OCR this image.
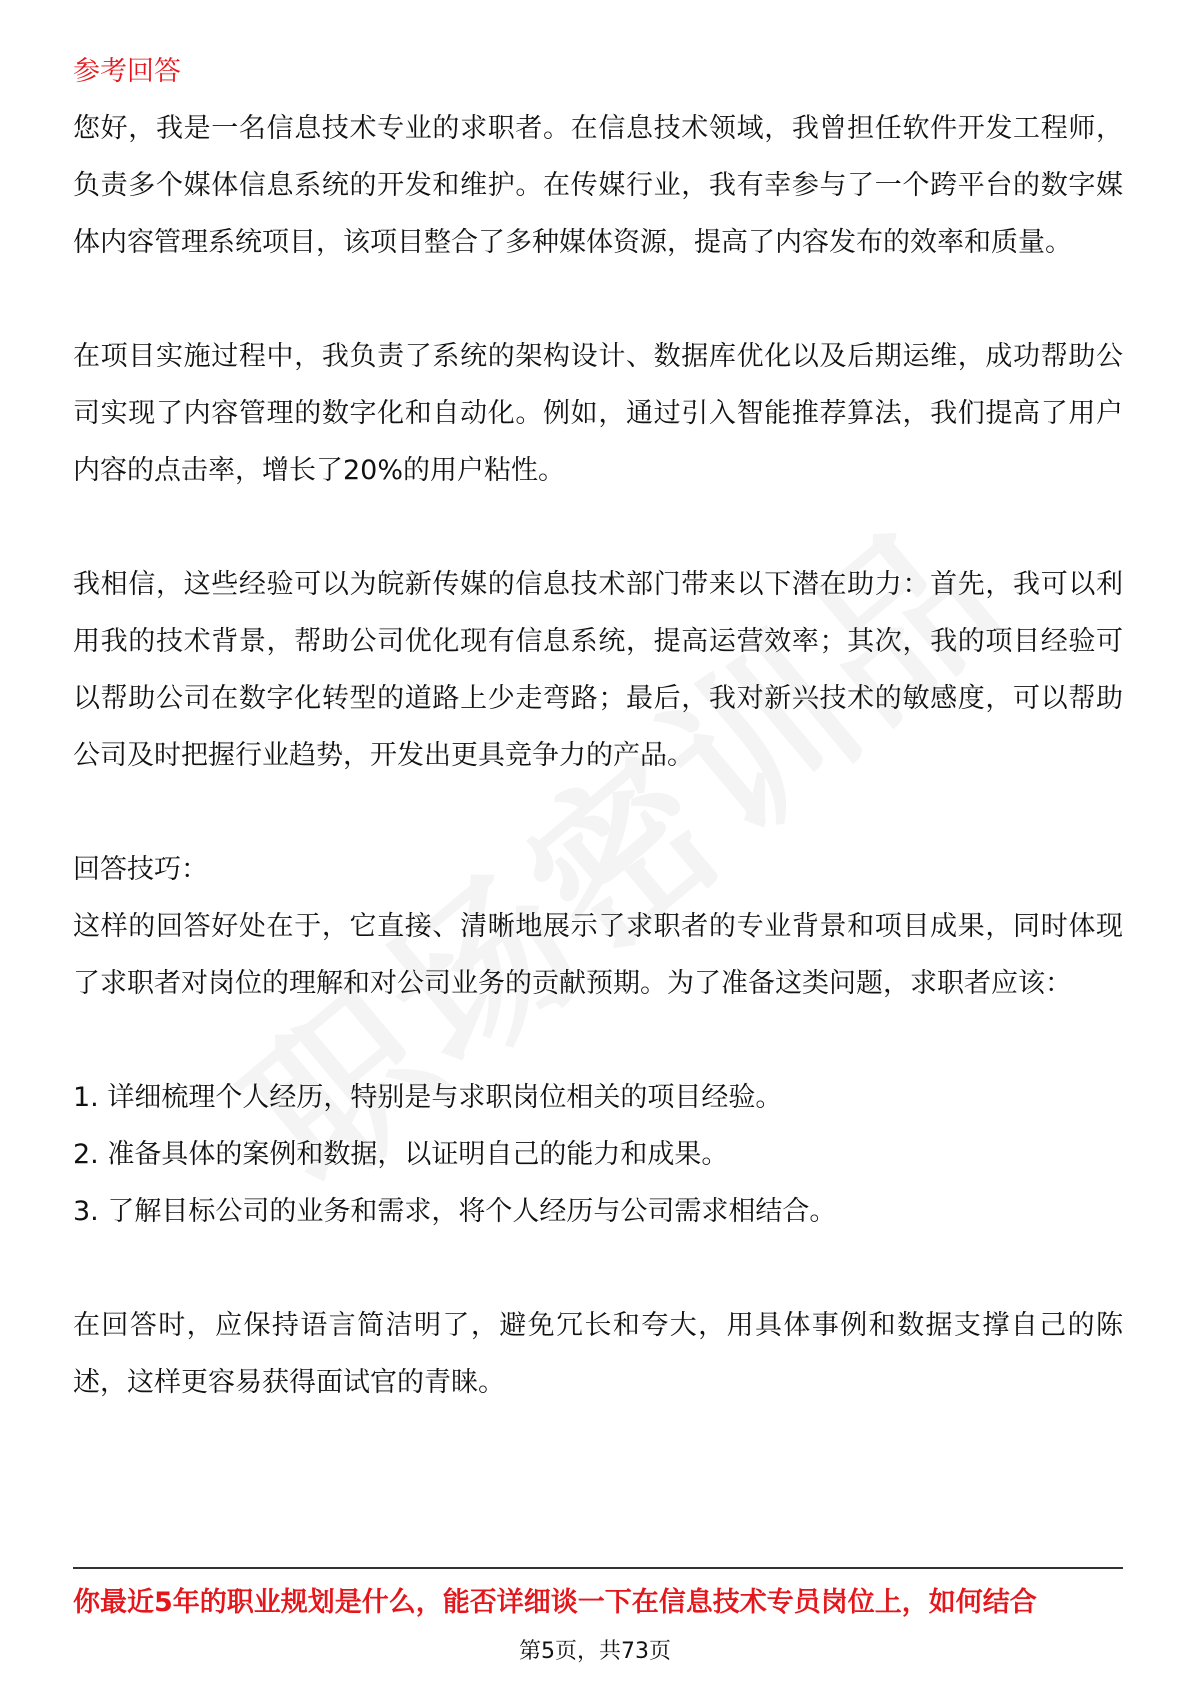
参考回答

您好，我是一名信息技术专业的求职者。在信息技术领域，我曾担任软件开发工程师，负责多个媒体信息系统的开发和维护。在传媒行业，我有幸参与了一个跨平台的数字媒体内容管理系统项目，该项目整合了多种媒体资源，提高了内容发布的效率和质量。

在项目实施过程中，我负责了系统的架构设计、数据库优化以及后期运维，成功帮助公司实现了内容管理的数字化和自动化。例如，通过引入智能推荐算法，我们提高了用户内容的点击率，增长了20%的用户粘性。

我相信，这些经验可以为皖新传媒的信息技术部门带来以下潜在助力：首先，我可以利用我的技术背景，帮助公司优化现有信息系统，提高运营效率；其次，我的项目经验可以帮助公司在数字化转型的道路上少走弯路；最后，我对新兴技术的敏感度，可以帮助公司及时把握行业趋势，开发出更具竞争力的产品。

回答技巧：

这样的回答好处在于，它直接、清晰地展示了求职者的专业背景和项目成果，同时体现了求职者对岗位的理解和对公司业务的贡献预期。为了准备这类问题，求职者应该：

1. 详细梳理个人经历，特别是与求职岗位相关的项目经验。

2. 准备具体的案例和数据，以证明自己的能力和成果。

3. 了解目标公司的业务和需求，将个人经历与公司需求相结合。

在回答时，应保持语言简洁明了，避免冗长和夸大，用具体事例和数据支撑自己的陈述，这样更容易获得面试官的青睐。

你最近5年的职业规划是什么，能否详细谈一下在信息技术专员岗位上，如何结合
第5页，共73页
